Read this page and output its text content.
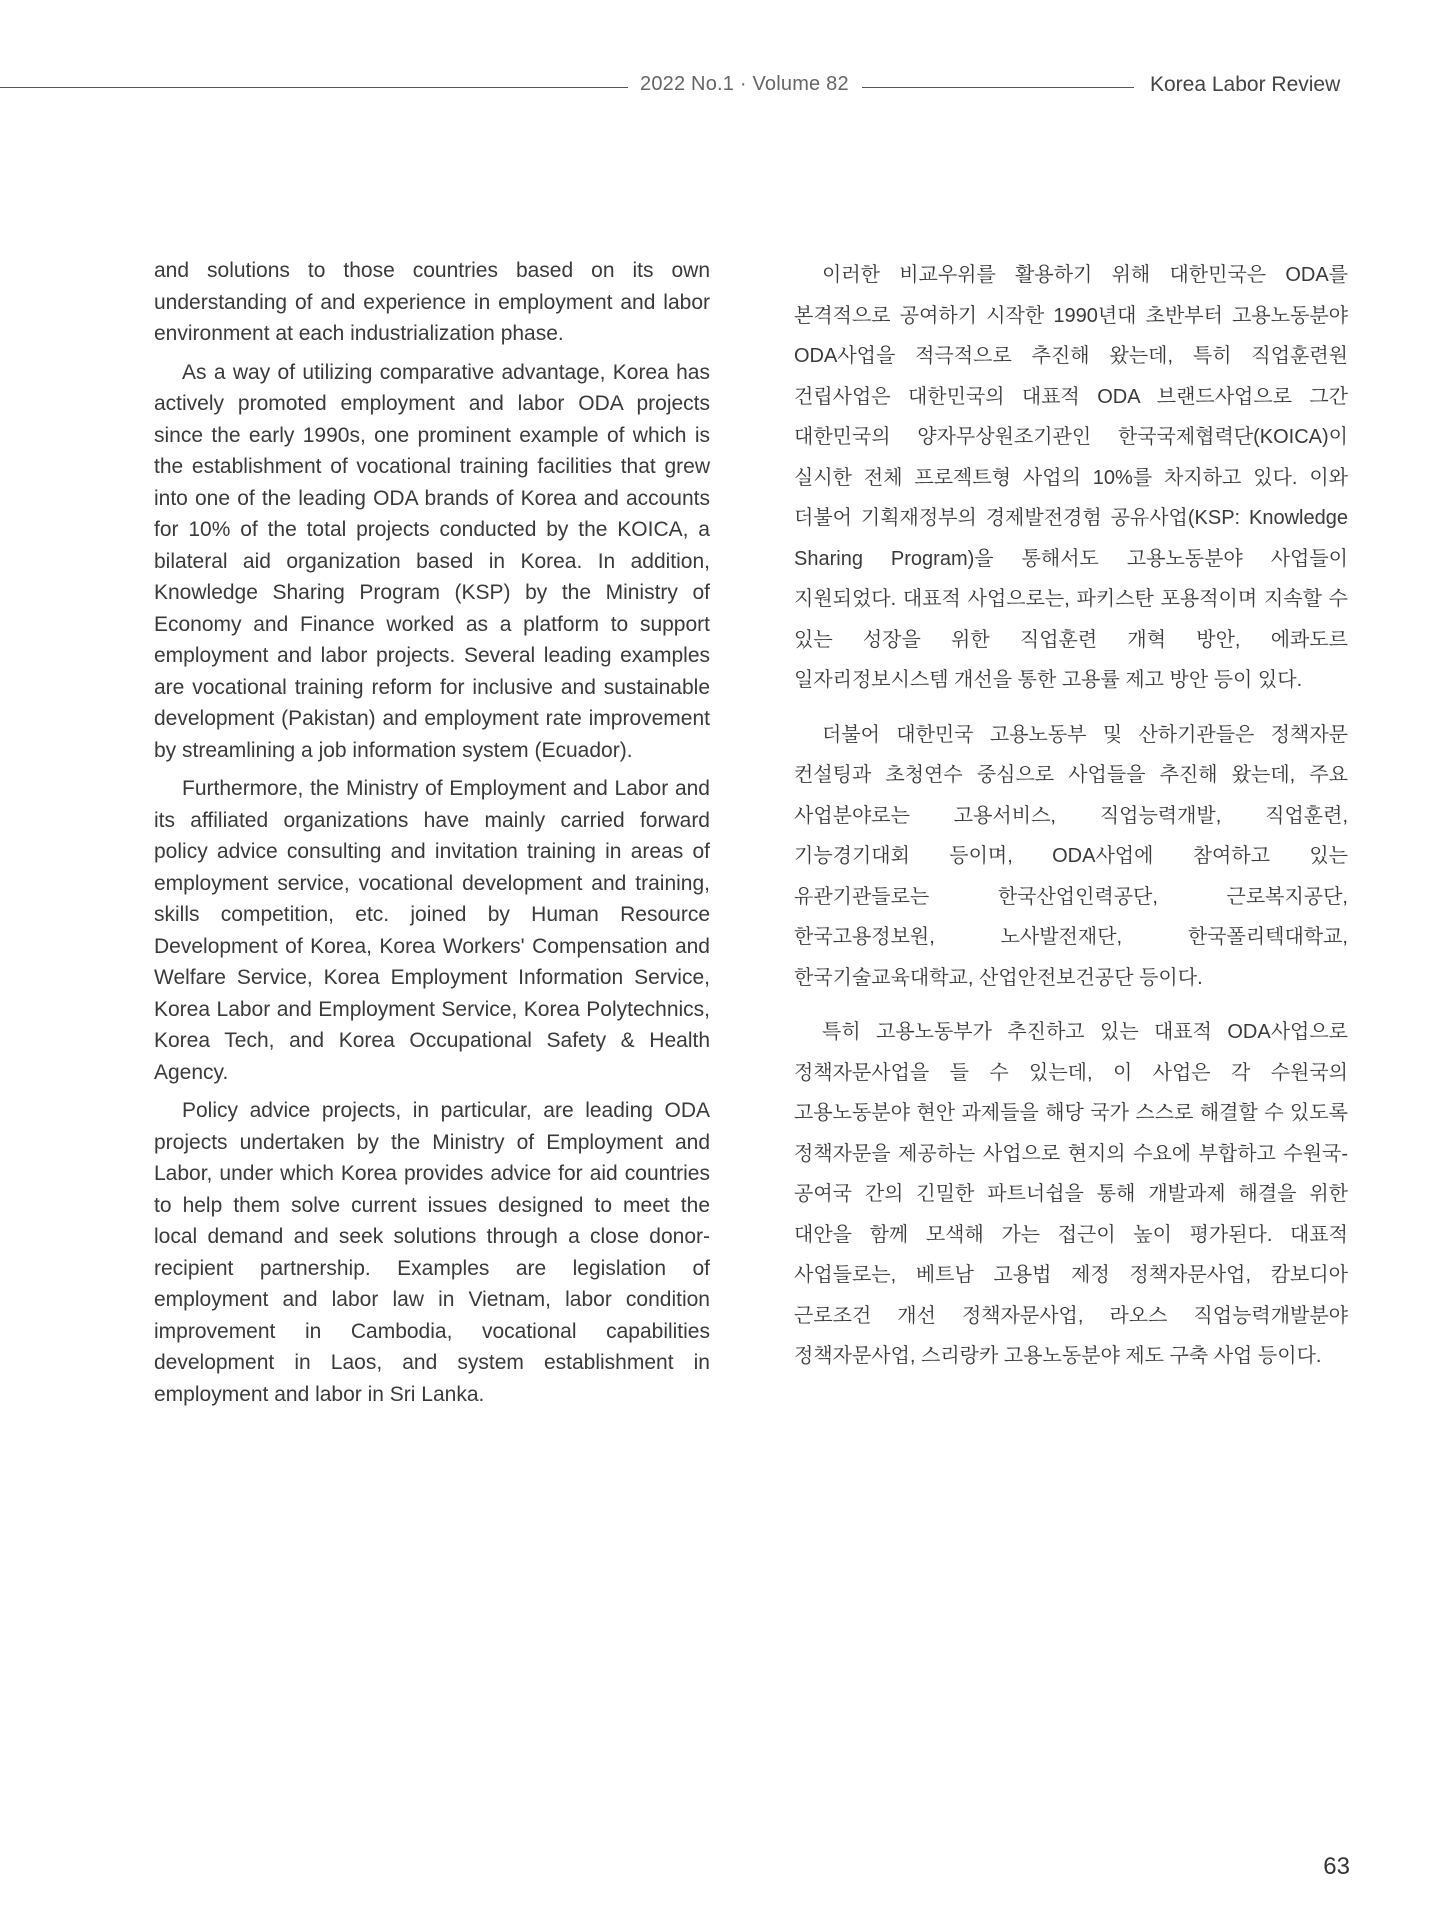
2022 No.1 · Volume 82	Korea Labor Review

and solutions to those countries based on its own understanding of and experience in employment and labor environment at each industrialization phase.

As a way of utilizing comparative advantage, Korea has actively promoted employment and labor ODA projects since the early 1990s, one prominent example of which is the establishment of vocational training facilities that grew into one of the leading ODA brands of Korea and accounts for 10% of the total projects conducted by the KOICA, a bilateral aid organization based in Korea. In addition, Knowledge Sharing Program (KSP) by the Ministry of Economy and Finance worked as a platform to support employment and labor projects. Several leading examples are vocational training reform for inclusive and sustainable development (Pakistan) and employment rate improvement by streamlining a job information system (Ecuador).

Furthermore, the Ministry of Employment and Labor and its affiliated organizations have mainly carried forward policy advice consulting and invitation training in areas of employment service, vocational development and training, skills competition, etc. joined by Human Resource Development of Korea, Korea Workers' Compensation and Welfare Service, Korea Employment Information Service, Korea Labor and Employment Service, Korea Polytechnics, Korea Tech, and Korea Occupational Safety & Health Agency.

Policy advice projects, in particular, are leading ODA projects undertaken by the Ministry of Employment and Labor, under which Korea provides advice for aid countries to help them solve current issues designed to meet the local demand and seek solutions through a close donor-recipient partnership. Examples are legislation of employment and labor law in Vietnam, labor condition improvement in Cambodia, vocational capabilities development in Laos, and system establishment in employment and labor in Sri Lanka.

이러한 비교우위를 활용하기 위해 대한민국은 ODA를 본격적으로 공여하기 시작한 1990년대 초반부터 고용노동분야 ODA사업을 적극적으로 추진해 왔는데, 특히 직업훈련원 건립사업은 대한민국의 대표적 ODA 브랜드사업으로 그간 대한민국의 양자무상원조기관인 한국국제협력단(KOICA)이 실시한 전체 프로젝트형 사업의 10%를 차지하고 있다. 이와 더불어 기획재정부의 경제발전경험 공유사업(KSP: Knowledge Sharing Program)을 통해서도 고용노동분야 사업들이 지원되었다. 대표적 사업으로는, 파키스탄 포용적이며 지속할 수 있는 성장을 위한 직업훈련 개혁 방안, 에콰도르 일자리정보시스템 개선을 통한 고용률 제고 방안 등이 있다.

더불어 대한민국 고용노동부 및 산하기관들은 정책자문 컨설팅과 초청연수 중심으로 사업들을 추진해 왔는데, 주요 사업분야로는 고용서비스, 직업능력개발, 직업훈련, 기능경기대회 등이며, ODA사업에 참여하고 있는 유관기관들로는 한국산업인력공단, 근로복지공단, 한국고용정보원, 노사발전재단, 한국폴리텍대학교, 한국기술교육대학교, 산업안전보건공단 등이다.

특히 고용노동부가 추진하고 있는 대표적 ODA사업으로 정책자문사업을 들 수 있는데, 이 사업은 각 수원국의 고용노동분야 현안 과제들을 해당 국가 스스로 해결할 수 있도록 정책자문을 제공하는 사업으로 현지의 수요에 부합하고 수원국-공여국 간의 긴밀한 파트너쉽을 통해 개발과제 해결을 위한 대안을 함께 모색해 가는 접근이 높이 평가된다. 대표적 사업들로는, 베트남 고용법 제정 정책자문사업, 캄보디아 근로조건 개선 정책자문사업, 라오스 직업능력개발분야 정책자문사업, 스리랑카 고용노동분야 제도 구축 사업 등이다.

63
